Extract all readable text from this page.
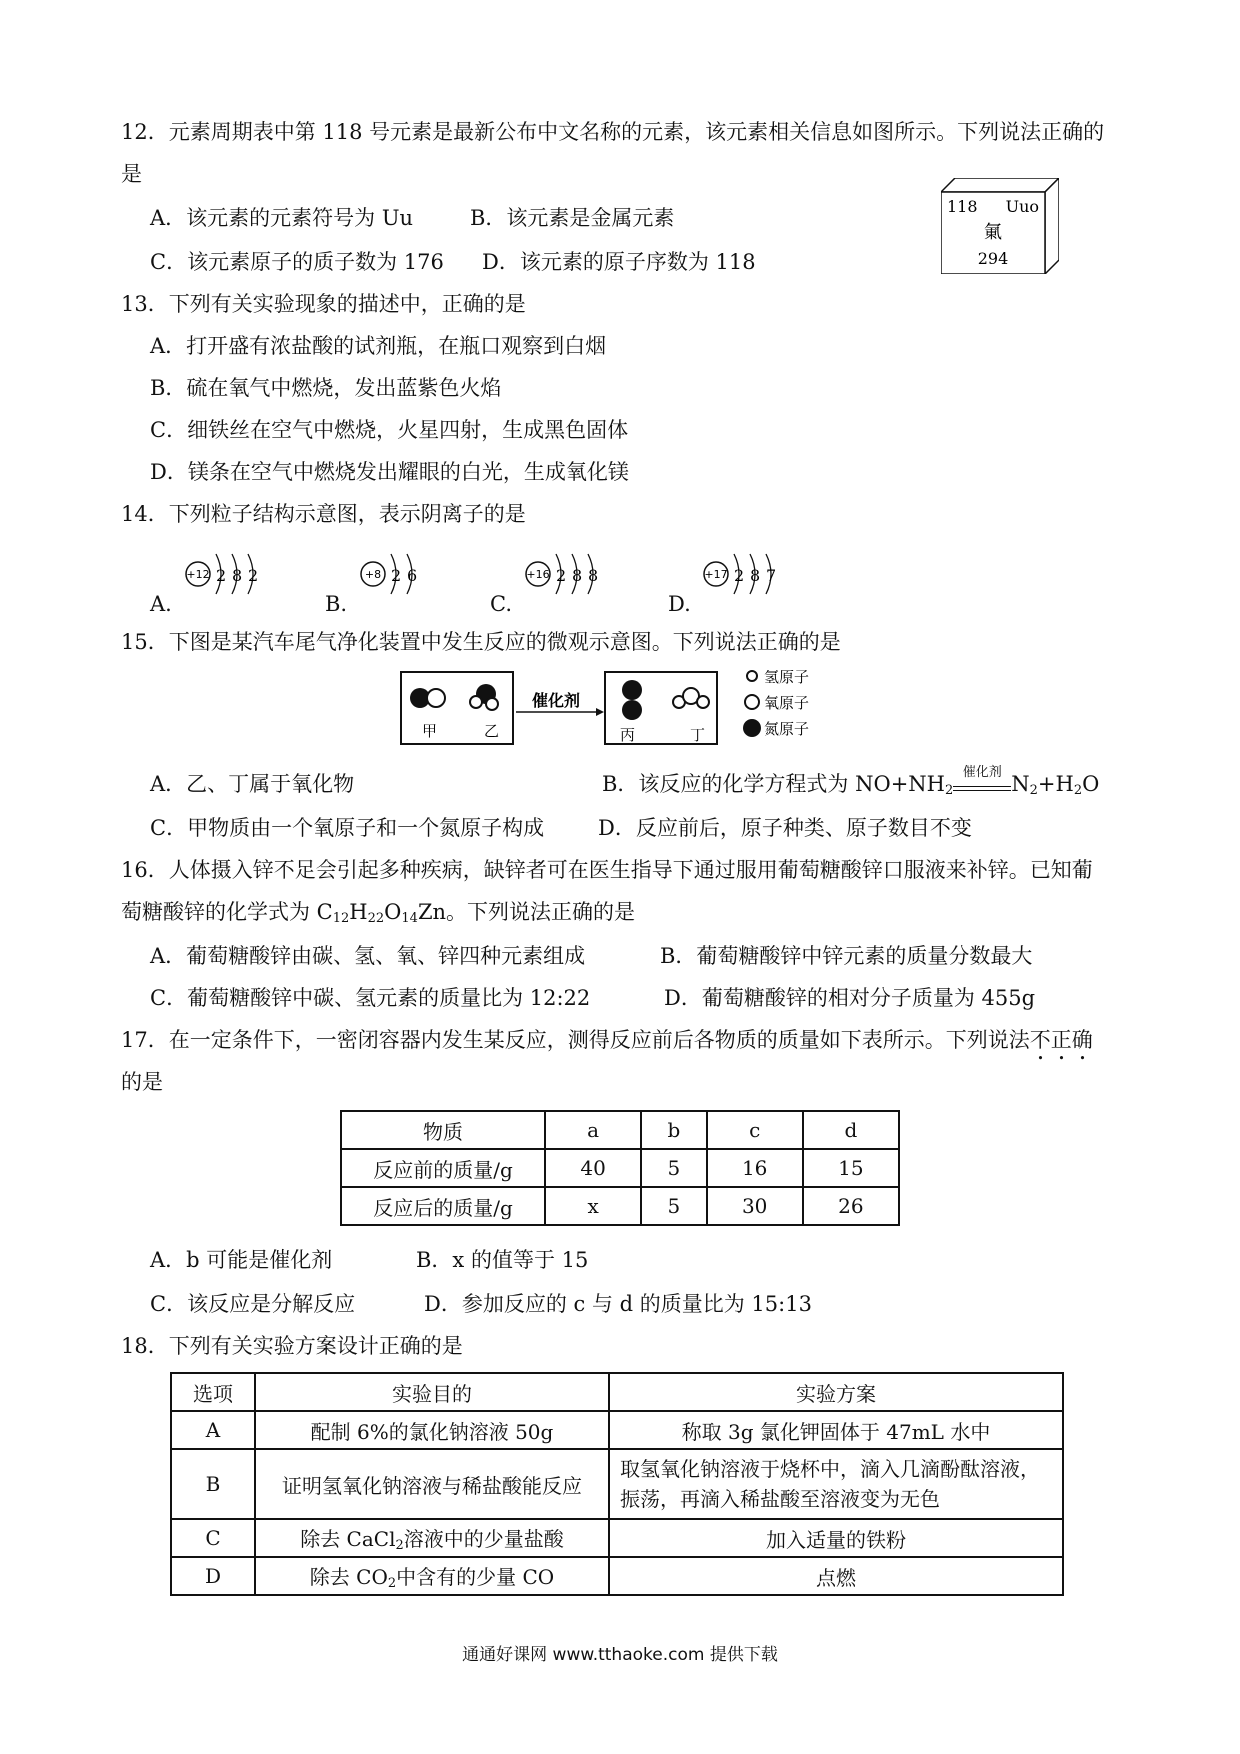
12．元素周期表中第 118 号元素是最新公布中文名称的元素，该元素相关信息如图所示。下列说法正确的
是
A．该元素的元素符号为 Uu	B．该元素是金属元素
C．该元素原子的质子数为 176 D．该元素的原子序数为 118
118 Uuo
氭
294
13．下列有关实验现象的描述中，正确的是
A．打开盛有浓盐酸的试剂瓶，在瓶口观察到白烟
B．硫在氧气中燃烧，发出蓝紫色火焰
C．细铁丝在空气中燃烧，火星四射，生成黑色固体
D．镁条在空气中燃烧发出耀眼的白光，生成氧化镁
14．下列粒子结构示意图，表示阴离子的是
A.
+12 2 8 2
B.
+8 2 6
C.
+16 2 8 8
D.
+17 2 8 7
15．下图是某汽车尾气净化装置中发生反应的微观示意图。下列说法正确的是
甲	乙
催化剂
丙	丁
氢原子
氧原子
氮原子
A．乙、丁属于氧化物	B．该反应的化学方程式为 $NO+NH_2$
催化剂 $N_2+H_2O$
C．甲物质由一个氧原子和一个氮原子构成	D．反应前后，原子种类、原子数目不变
16．人体摄入锌不足会引起多种疾病，缺锌者可在医生指导下通过服用葡萄糖酸锌口服液来补锌。已知葡
萄糖酸锌的化学式为 $C_{12}H_{22}O_{14}Zn$。下列说法正确的是
A．葡萄糖酸锌由碳、氢、氧、锌四种元素组成	B．葡萄糖酸锌中锌元素的质量分数最大
C．葡萄糖酸锌中碳、氢元素的质量比为 12:22	D．葡萄糖酸锌的相对分子质量为 455g
17．在一定条件下，一密闭容器内发生某反应，测得反应前后各物质的质量如下表所示。下列说法不正确
的是
物质	a	b	c	d
反应前的质量/g	40	5	16	15
反应后的质量/g	x	5	30	26
A．b 可能是催化剂	B．x 的值等于 15
C．该反应是分解反应	D．参加反应的 c 与 d 的质量比为 15:13
18．下列有关实验方案设计正确的是
选项	实验目的	实验方案
A	配制 6%的氯化钠溶液 50g	称取 3g 氯化钾固体于 47mL 水中
B	证明氢氧化钠溶液与稀盐酸能反应	取氢氧化钠溶液于烧杯中，滴入几滴酚酞溶液，振荡，再滴入稀盐酸至溶液变为无色
C	除去 CaCl$_2$溶液中的少量盐酸	加入适量的铁粉
D	除去 $CO_2$中含有的少量 CO	点燃
通通好课网 www.tthaoke.com 提供下载
